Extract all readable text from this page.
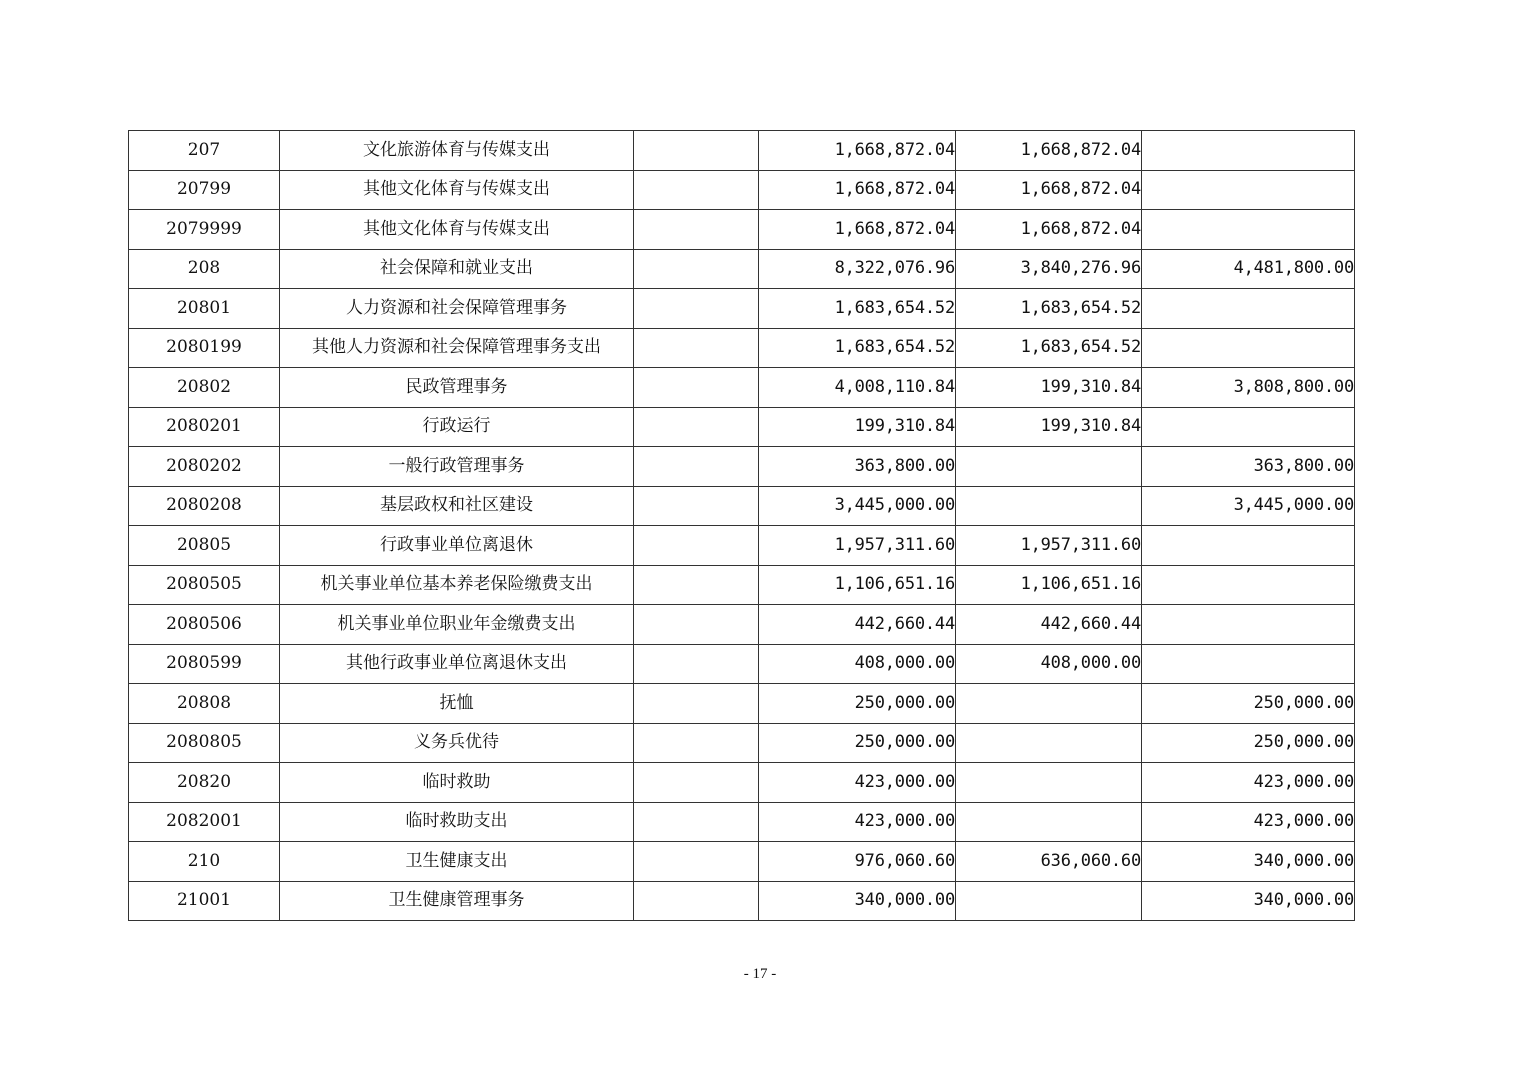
207	文化旅游体育与传媒支出		1,668,872.04	1,668,872.04	
20799	其他文化体育与传媒支出		1,668,872.04	1,668,872.04	
2079999	其他文化体育与传媒支出		1,668,872.04	1,668,872.04	
208	社会保障和就业支出		8,322,076.96	3,840,276.96	4,481,800.00
20801	人力资源和社会保障管理事务		1,683,654.52	1,683,654.52	
2080199	其他人力资源和社会保障管理事务支出		1,683,654.52	1,683,654.52	
20802	民政管理事务		4,008,110.84	199,310.84	3,808,800.00
2080201	行政运行		199,310.84	199,310.84	
2080202	一般行政管理事务		363,800.00		363,800.00
2080208	基层政权和社区建设		3,445,000.00		3,445,000.00
20805	行政事业单位离退休		1,957,311.60	1,957,311.60	
2080505	机关事业单位基本养老保险缴费支出		1,106,651.16	1,106,651.16	
2080506	机关事业单位职业年金缴费支出		442,660.44	442,660.44	
2080599	其他行政事业单位离退休支出		408,000.00	408,000.00	
20808	抚恤		250,000.00		250,000.00
2080805	义务兵优待		250,000.00		250,000.00
20820	临时救助		423,000.00		423,000.00
2082001	临时救助支出		423,000.00		423,000.00
210	卫生健康支出		976,060.60	636,060.60	340,000.00
21001	卫生健康管理事务		340,000.00		340,000.00
- 17 -
